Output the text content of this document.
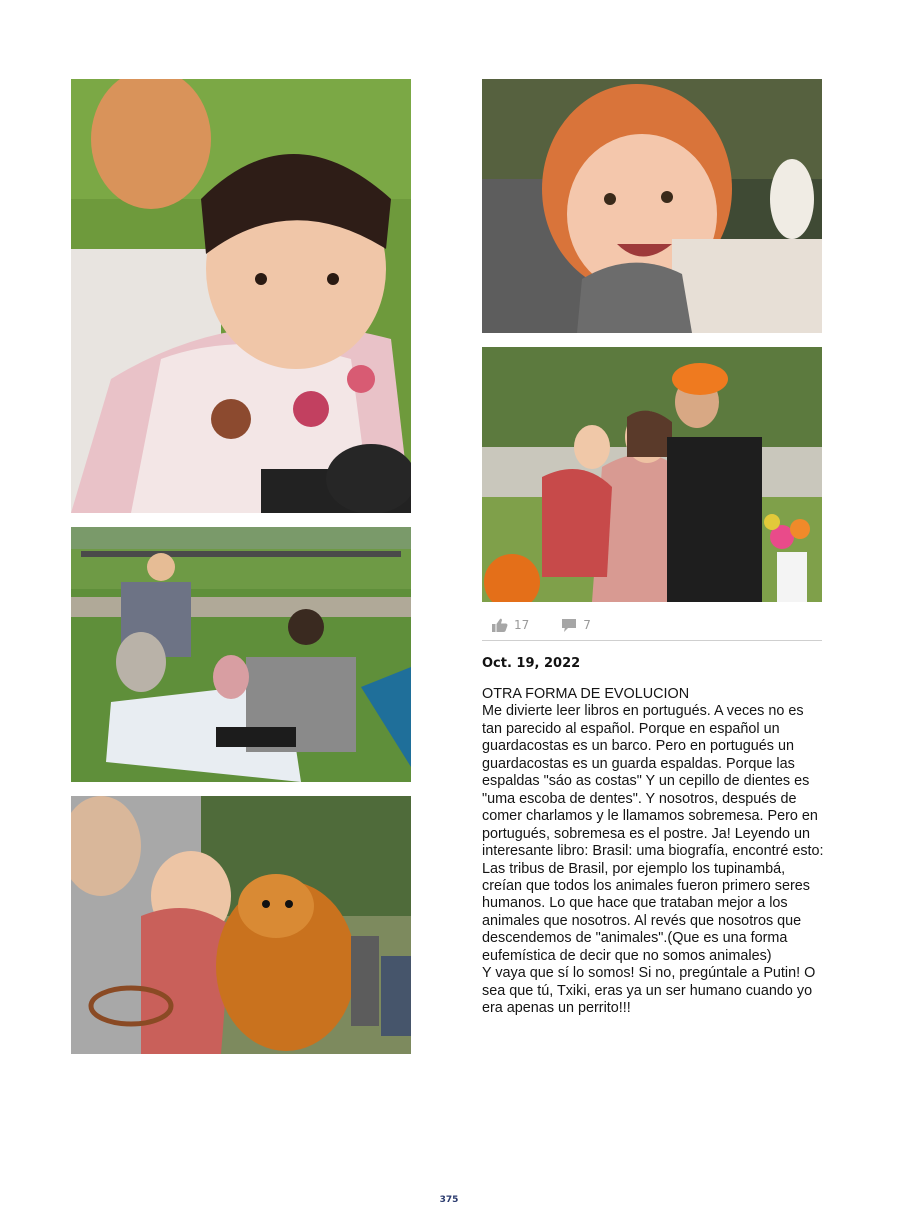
17	7
Oct. 19, 2022

OTRA FORMA DE EVOLUCION

Me divierte leer libros en portugués. A veces no es tan parecido al español. Porque en español un guardacostas es un barco. Pero en portugués un guardacostas es un guarda espaldas. Porque las espaldas "sáo as costas" Y un cepillo de dientes es "uma escoba de dentes". Y nosotros, después de comer charlamos y le llamamos sobremesa. Pero en portugués, sobremesa es el postre. Ja! Leyendo un interesante libro: Brasil: uma biografía, encontré esto: Las tribus de Brasil, por ejemplo los tupinambá, creían que todos los animales fueron primero seres humanos. Lo que hace que trataban mejor a los animales que nosotros. Al revés que nosotros que descendemos de "animales".(Que es una forma eufemística de decir que no somos animales)

Y vaya que sí lo somos! Si no, pregúntale a Putin! O sea que tú, Txiki, eras ya un ser humano cuando yo era apenas un perrito!!!

375
